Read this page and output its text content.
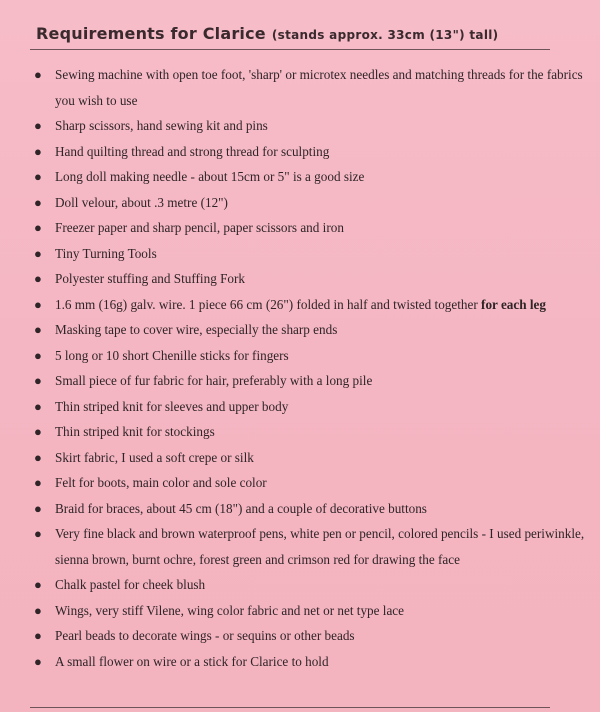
Requirements for Clarice (stands approx. 33cm (13") tall)
● Sewing machine with open toe foot, 'sharp' or microtex needles and matching threads for the fabrics you wish to use
● Sharp scissors, hand sewing kit and pins
● Hand quilting thread and strong thread for sculpting
● Long doll making needle - about 15cm or 5" is a good size
● Doll velour, about .3 metre (12")
● Freezer paper and sharp pencil, paper scissors and iron
● Tiny Turning Tools
● Polyester stuffing and Stuffing Fork
● 1.6 mm (16g) galv. wire. 1 piece 66 cm (26") folded in half and twisted together for each leg
● Masking tape to cover wire, especially the sharp ends
● 5 long or 10 short Chenille sticks for fingers
● Small piece of fur fabric for hair, preferably with a long pile
● Thin striped knit for sleeves and upper body
● Thin striped knit for stockings
● Skirt fabric, I used a soft crepe or silk
● Felt for boots, main color and sole color
● Braid for braces, about 45 cm (18") and a couple of decorative buttons
● Very fine black and brown waterproof pens, white pen or pencil, colored pencils - I used periwinkle, sienna brown, burnt ochre, forest green and crimson red for drawing the face
● Chalk pastel for cheek blush
● Wings, very stiff Vilene, wing color fabric and net or net type lace
● Pearl beads to decorate wings - or sequins or other beads
● A small flower on wire or a stick for Clarice to hold
